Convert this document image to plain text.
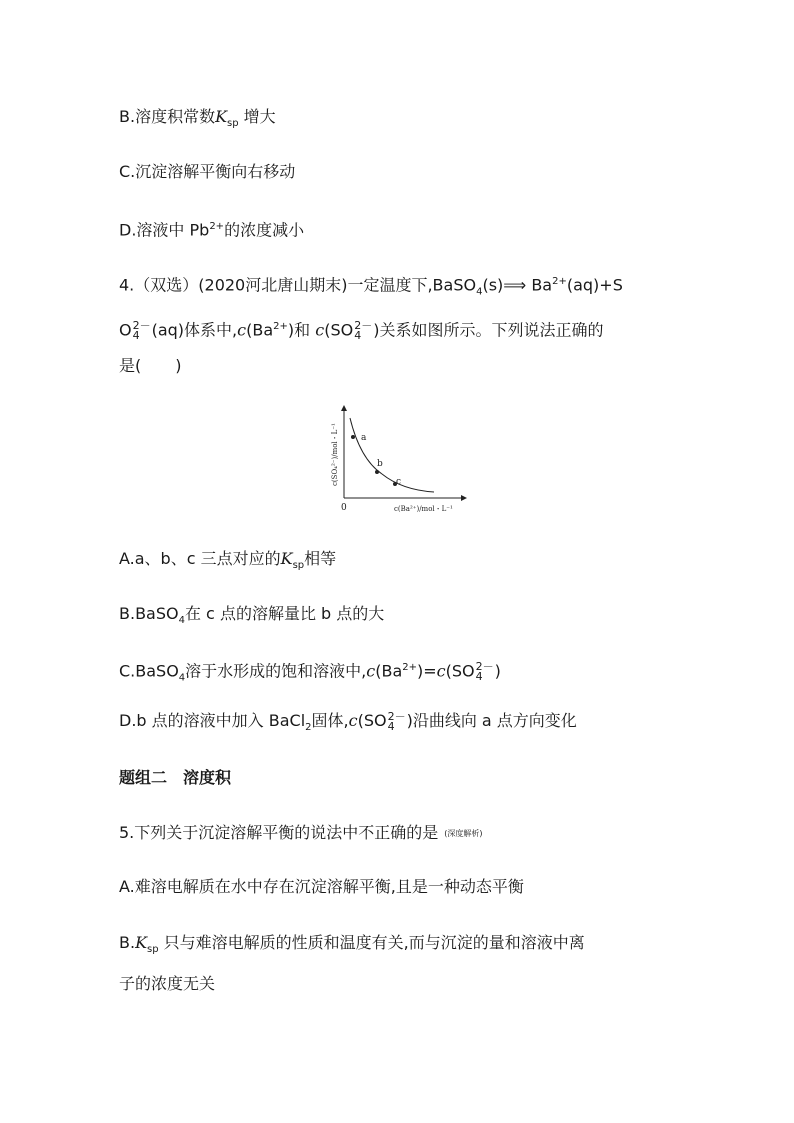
B.溶度积常数$K_{sp}$ 增大
C.沉淀溶解平衡向右移动
D.溶液中 $Pb^{2+}$的浓度减小
4.（双选）(2020河北唐山期末)一定温度下,BaSO$_4$(s)⟹ $Ba^{2+}(aq)+S$
O 2－
4 (aq)体系中$,c(Ba^{2+})$和 c(SO 2－
4 )关系如图所示。下列说法正确的
是( )
a
b
c
0	c(Ba²⁺)/mol・L⁻¹
c(SO₄²⁻)/mol・L⁻¹
A.a、b、c 三点对应的$K_{sp}$相等
B.BaSO$_4$在 c 点的溶解量比 b 点的大
C.BaSO$_4$溶于水形成的饱和溶液中$,c(Ba^{2+})=c(SO$ 2－
4 )
D.b 点的溶液中加入 BaCl$_2$固体,c(SO 2－
4 )沿曲线向 a 点方向变化
题组二　溶度积
5.下列关于沉淀溶解平衡的说法中不正确的是 (深度解析)
A.难溶电解质在水中存在沉淀溶解平衡,且是一种动态平衡
$B.K_{sp}$ 只与难溶电解质的性质和温度有关,而与沉淀的量和溶液中离
子的浓度无关
